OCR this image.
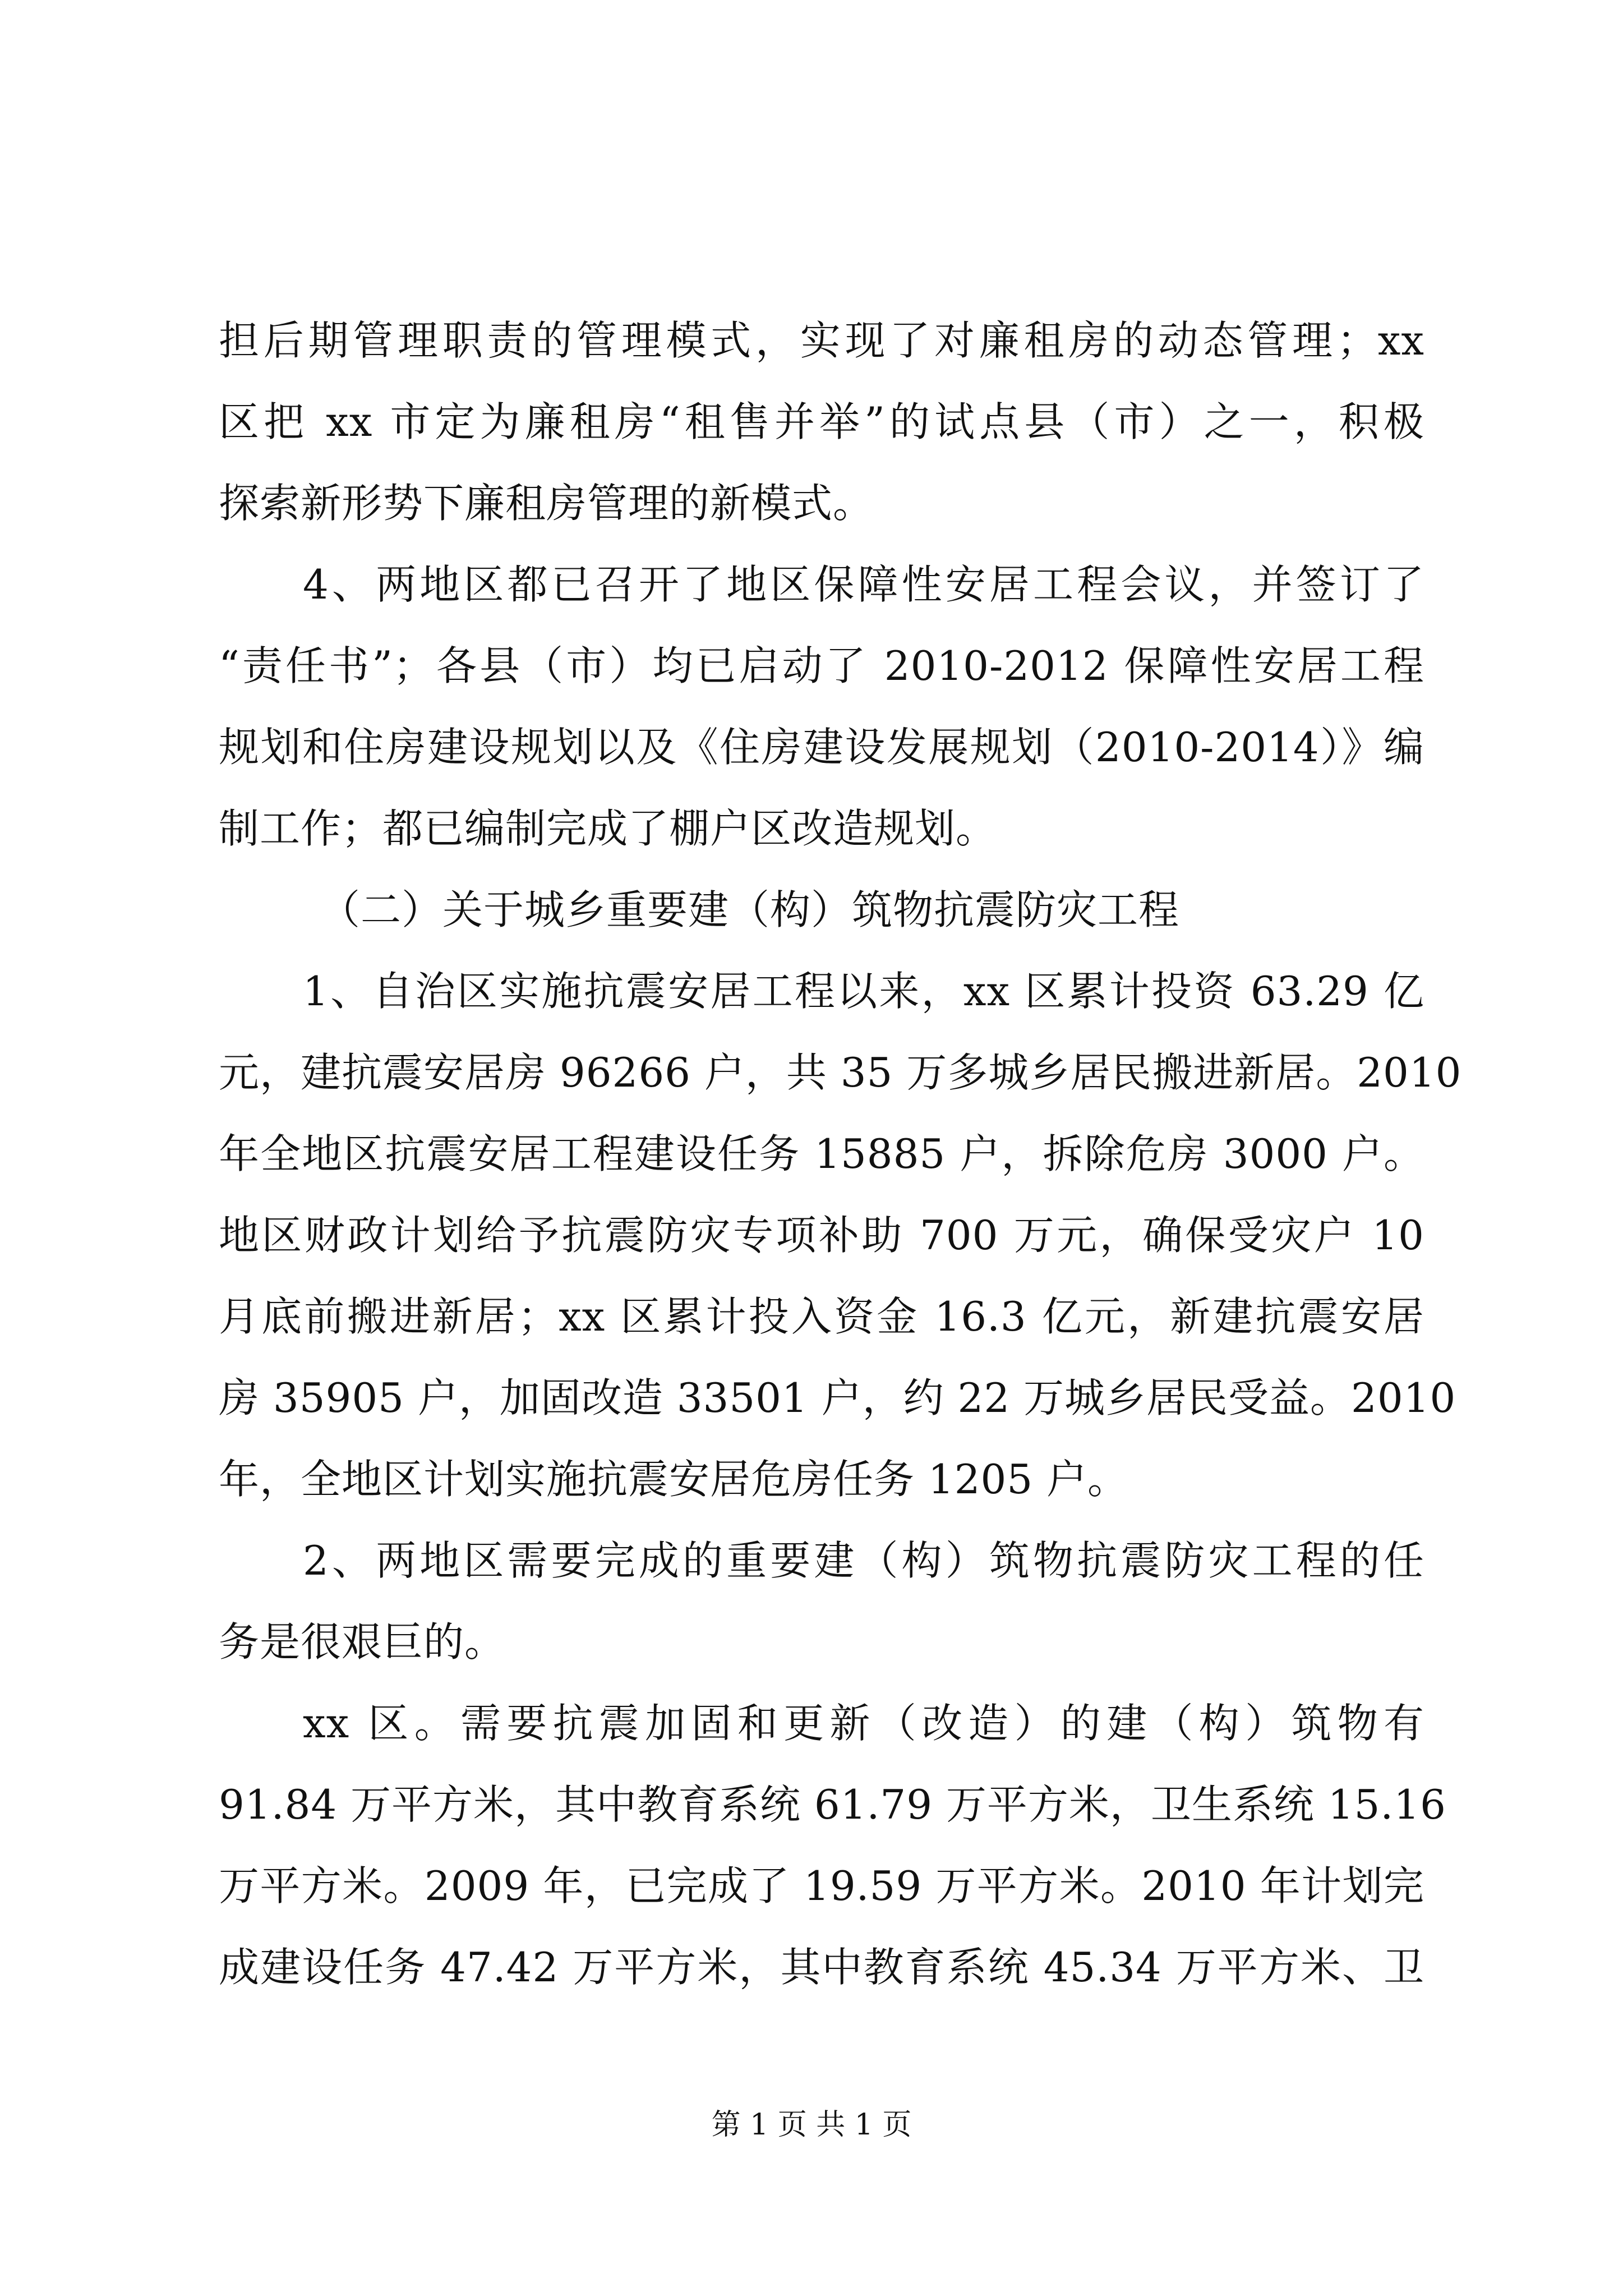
担后期管理职责的管理模式，实现了对廉租房的动态管理；xx
区把 xx 市定为廉租房“租售并举”的试点县（市）之一，积极
探索新形势下廉租房管理的新模式。
4、两地区都已召开了地区保障性安居工程会议，并签订了
“责任书”；各县（市）均已启动了 2010-2012 保障性安居工程
规划和住房建设规划以及《住房建设发展规划（2010-2014）》编
制工作；都已编制完成了棚户区改造规划。
（二）关于城乡重要建（构）筑物抗震防灾工程
1、自治区实施抗震安居工程以来，xx 区累计投资 63.29 亿
元，建抗震安居房 96266 户，共 35 万多城乡居民搬进新居。2010
年全地区抗震安居工程建设任务 15885 户，拆除危房 3000 户。
地区财政计划给予抗震防灾专项补助 700 万元，确保受灾户 10
月底前搬进新居；xx 区累计投入资金 16.3 亿元，新建抗震安居
房 35905 户，加固改造 33501 户，约 22 万城乡居民受益。2010
年，全地区计划实施抗震安居危房任务 1205 户。
2、两地区需要完成的重要建（构）筑物抗震防灾工程的任
务是很艰巨的。
xx 区。需要抗震加固和更新（改造）的建（构）筑物有
91.84 万平方米，其中教育系统 61.79 万平方米，卫生系统 15.16
万平方米。2009 年，已完成了 19.59 万平方米。2010 年计划完
成建设任务 47.42 万平方米，其中教育系统 45.34 万平方米、卫
第 1 页 共 1 页
